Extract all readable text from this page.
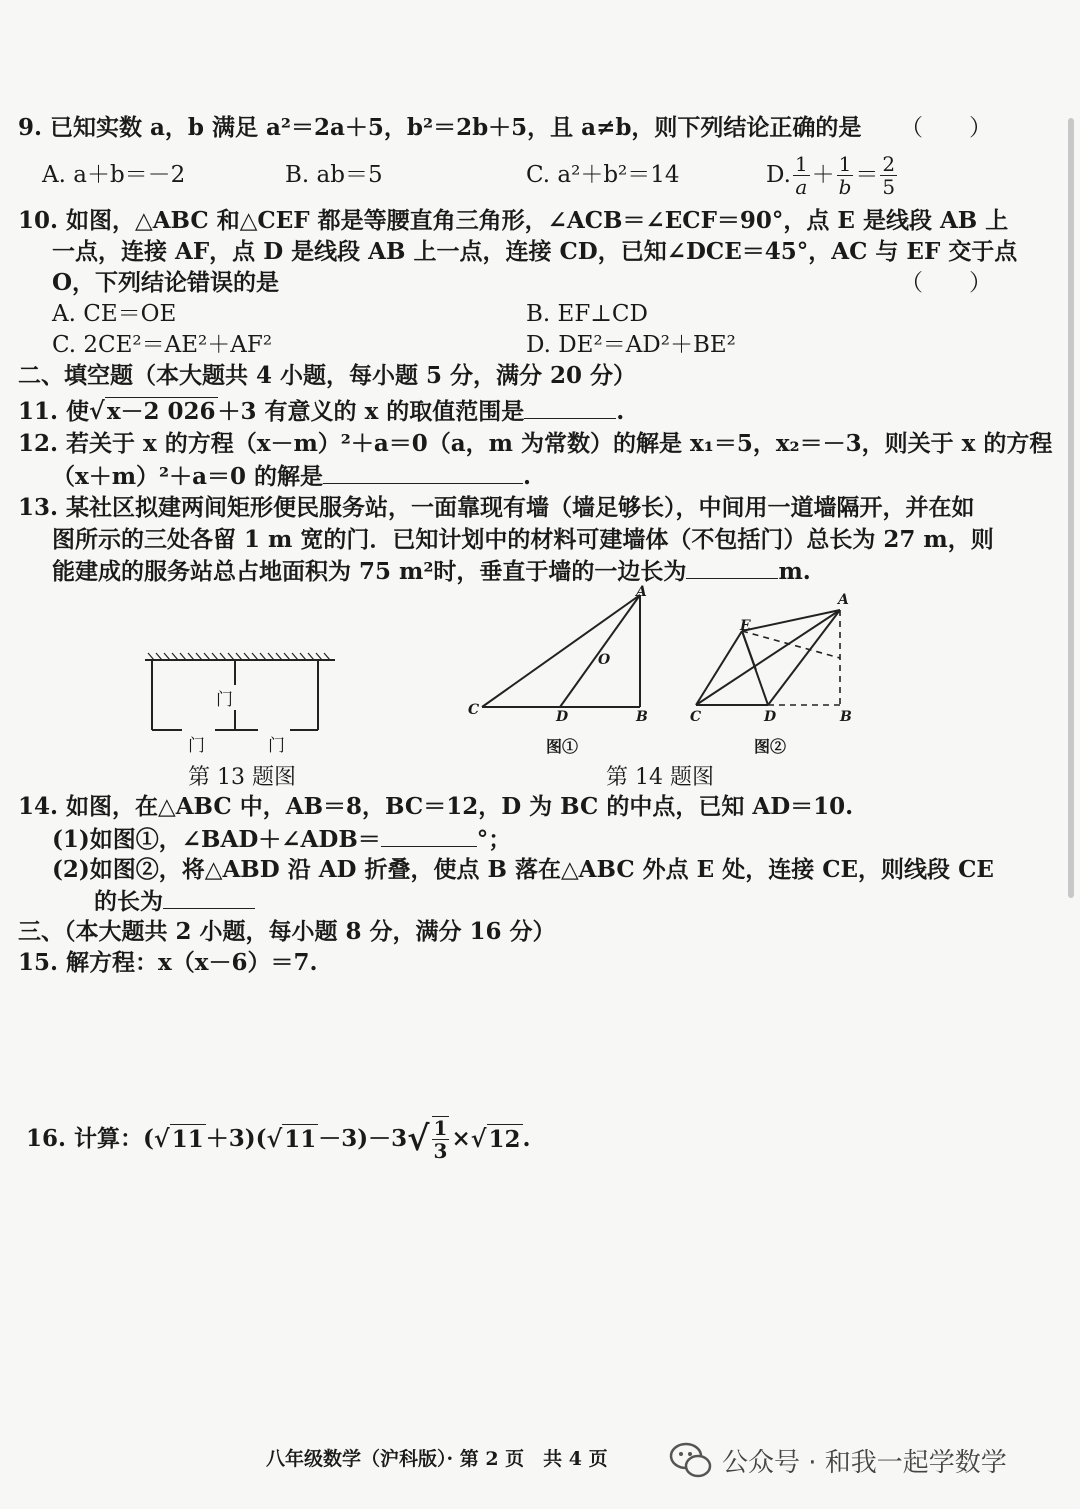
9. 已知实数 a，b 满足 a²＝2a＋5，b²＝2b＋5，且 a≠b，则下列结论正确的是 （　　）
A. a＋b＝－2	B. ab＝5	C. a²＋b²＝14	D. $\frac{1}{a} + \frac{1}{b} = \frac{2}{5}$
10. 如图，△ABC 和△CEF 都是等腰直角三角形，∠ACB＝∠ECF＝90°，点 E 是线段 AB 上
一点，连接 AF，点 D 是线段 AB 上一点，连接 CD，已知∠DCE＝45°，AC 与 EF 交于点
O，下列结论错误的是	（　　）
A. CE＝OE	B. EF⊥CD
C. 2CE²＝AE²＋AF²	D. DE²＝AD²＋BE²
二、填空题（本大题共 4 小题，每小题 5 分，满分 20 分）
11. 使√x－2 026＋3 有意义的 x 的取值范围是	.
12. 若关于 x 的方程（x－m）²＋a＝0（a，m 为常数）的解是 x₁＝5，x₂＝－3，则关于 x 的方程
（x＋m）²＋a＝0 的解是	.
13. 某社区拟建两间矩形便民服务站，一面靠现有墙（墙足够长），中间用一道墙隔开，并在如
图所示的三处各留 1 m 宽的门．已知计划中的材料可建墙体（不包括门）总长为 27 m，则
能建成的服务站总占地面积为 75 m²时，垂直于墙的一边长为	m.
门
门	门
第 13 题图
A
C	D	B
O
图①
E
A
C	D	B
图②
第 14 题图
14. 如图，在△ABC 中，AB＝8，BC＝12，D 为 BC 的中点，已知 AD＝10.
(1)如图①，∠BAD＋∠ADB＝	°；
(2)如图②，将△ABD 沿 AD 折叠，使点 B 落在△ABC 外点 E 处，连接 CE，则线段 CE
的长为
三、（本大题共 2 小题，每小题 8 分，满分 16 分）
15. 解方程：x（x－6）＝7.
16. 计算：( √ 11 ＋3)( √ 11 －3)－3 √ $\frac{1}{3}$ × √ 12 .
八年级数学（沪科版）· 第 2 页　共 4 页	公众号 · 和我一起学数学
